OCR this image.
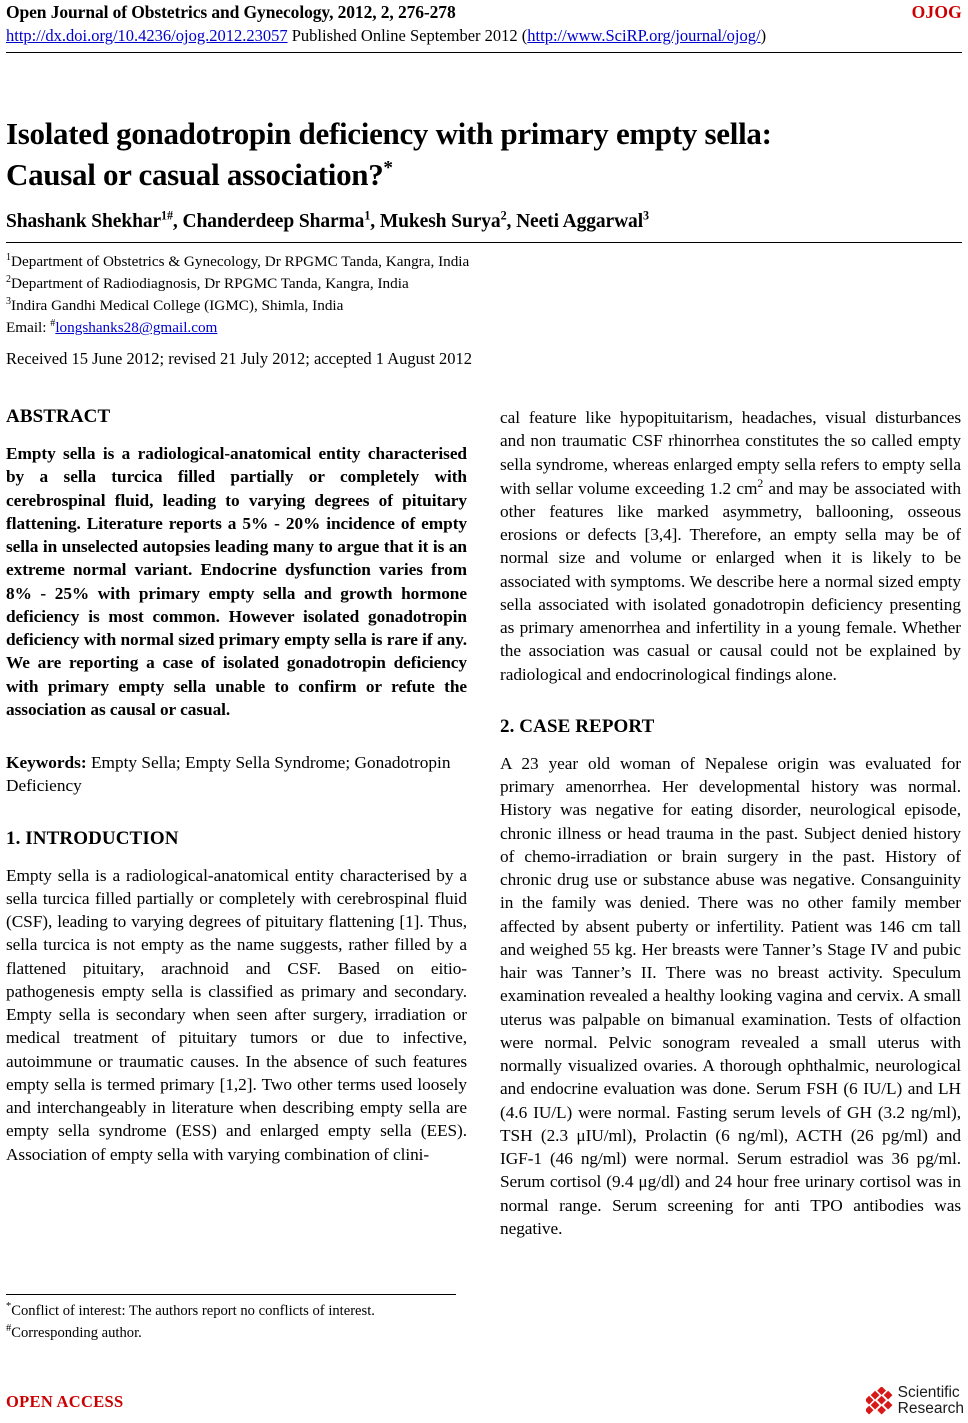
Open Journal of Obstetrics and Gynecology, 2012, 2, 276-278	OJOG
http://dx.doi.org/10.4236/ojog.2012.23057 Published Online September 2012 (http://www.SciRP.org/journal/ojog/)
Isolated gonadotropin deficiency with primary empty sella:
Causal or casual association?*
Shashank Shekhar$^{1\#}$, Chanderdeep Sharma$^1$, Mukesh Surya$^2$, Neeti Aggarwal$^3$
$^1$Department of Obstetrics & Gynecology, Dr RPGMC Tanda, Kangra, India
$^2$Department of Radiodiagnosis, Dr RPGMC Tanda, Kangra, India
$^3$Indira Gandhi Medical College (IGMC), Shimla, India
Email: #longshanks28@gmail.com
Received 15 June 2012; revised 21 July 2012; accepted 1 August 2012
ABSTRACT

Empty sella is a radiological-anatomical entity characterised by a sella turcica filled partially or completely with cerebrospinal fluid, leading to varying degrees of pituitary flattening. Literature reports a 5% - 20% incidence of empty sella in unselected autopsies leading many to argue that it is an extreme normal variant. Endocrine dysfunction varies from 8% - 25% with primary empty sella and growth hormone deficiency is most common. However isolated gonadotropin deficiency with normal sized primary empty sella is rare if any. We are reporting a case of isolated gonadotropin deficiency with primary empty sella unable to confirm or refute the association as causal or casual.

Keywords: Empty Sella; Empty Sella Syndrome; Gonadotropin Deficiency

1. INTRODUCTION

Empty sella is a radiological-anatomical entity characterised by a sella turcica filled partially or completely with cerebrospinal fluid (CSF), leading to varying degrees of pituitary flattening [1]. Thus, sella turcica is not empty as the name suggests, rather filled by a flattened pituitary, arachnoid and CSF. Based on eitio-pathogenesis empty sella is classified as primary and secondary. Empty sella is secondary when seen after surgery, irradiation or medical treatment of pituitary tumors or due to infective, autoimmune or traumatic causes. In the absence of such features empty sella is termed primary [1,2]. Two other terms used loosely and interchangeably in literature when describing empty sella are empty sella syndrome (ESS) and enlarged empty sella (EES). Association of empty sella with varying combination of clini-

cal feature like hypopituitarism, headaches, visual disturbances and non traumatic CSF rhinorrhea constitutes the so called empty sella syndrome, whereas enlarged empty sella refers to empty sella with sellar volume exceeding 1.2 $cm^2$ and may be associated with other features like marked asymmetry, ballooning, osseous erosions or defects [3,4]. Therefore, an empty sella may be of normal size and volume or enlarged when it is likely to be associated with symptoms. We describe here a normal sized empty sella associated with isolated gonadotropin deficiency presenting as primary amenorrhea and infertility in a young female. Whether the association was casual or causal could not be explained by radiological and endocrinological findings alone.

2. CASE REPORT

A 23 year old woman of Nepalese origin was evaluated for primary amenorrhea. Her developmental history was normal. History was negative for eating disorder, neurological episode, chronic illness or head trauma in the past. Subject denied history of chemo-irradiation or brain surgery in the past. History of chronic drug use or substance abuse was negative. Consanguinity in the family was denied. There was no other family member affected by absent puberty or infertility. Patient was 146 cm tall and weighed 55 kg. Her breasts were Tanner’s Stage IV and pubic hair was Tanner’s II. There was no breast activity. Speculum examination revealed a healthy looking vagina and cervix. A small uterus was palpable on bimanual examination. Tests of olfaction were normal. Pelvic sonogram revealed a small uterus with normally visualized ovaries. A thorough ophthalmic, neurological and endocrine evaluation was done. Serum FSH (6 IU/L) and LH (4.6 IU/L) were normal. Fasting serum levels of GH (3.2 ng/ml), TSH (2.3 μIU/ml), Prolactin (6 ng/ml), ACTH (26 pg/ml) and IGF-1 (46 ng/ml) were normal. Serum estradiol was 36 pg/ml. Serum cortisol (9.4 μg/dl) and 24 hour free urinary cortisol was in normal range. Serum screening for anti TPO antibodies was negative.

*Conflict of interest: The authors report no conflicts of interest.
#Corresponding author.
OPEN ACCESS	Scientific
Research
